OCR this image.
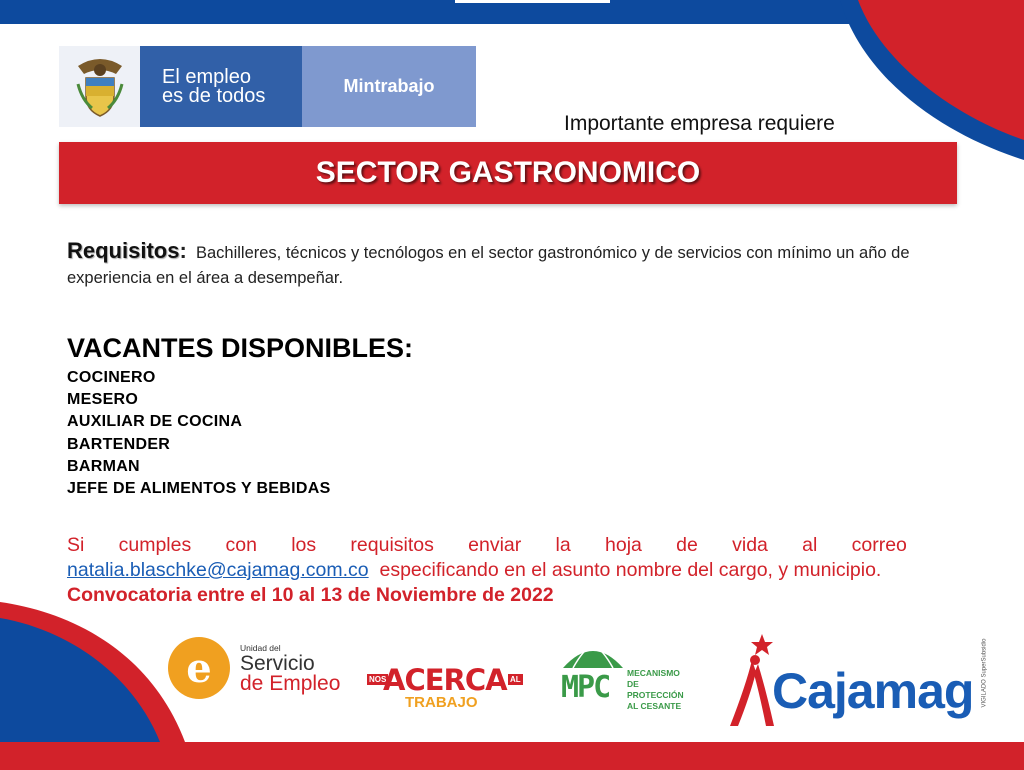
El empleo
es de todos	Mintrabajo
Importante empresa requiere
SECTOR GASTRONOMICO
Requisitos: Bachilleres, técnicos y tecnólogos en el sector gastronómico y de servicios con mínimo un año de experiencia en el área a desempeñar.
VACANTES DISPONIBLES:
COCINERO
MESERO
AUXILIAR DE COCINA
BARTENDER
BARMAN
JEFE DE ALIMENTOS Y BEBIDAS
Si cumples con los requisitos enviar la hoja de vida al correo
natalia.blaschke@cajamag.com.co especificando en el asunto nombre del cargo, y municipio.
Convocatoria entre el 10 al 13 de Noviembre de 2022
e	Unidad del
Servicio
de Empleo	NOS
ACERCA AL
TRABAJO	MPC MECANISMO DE
PROTECCIÓN
AL CESANTE Cajamag VIGILADO SuperSubsidio
